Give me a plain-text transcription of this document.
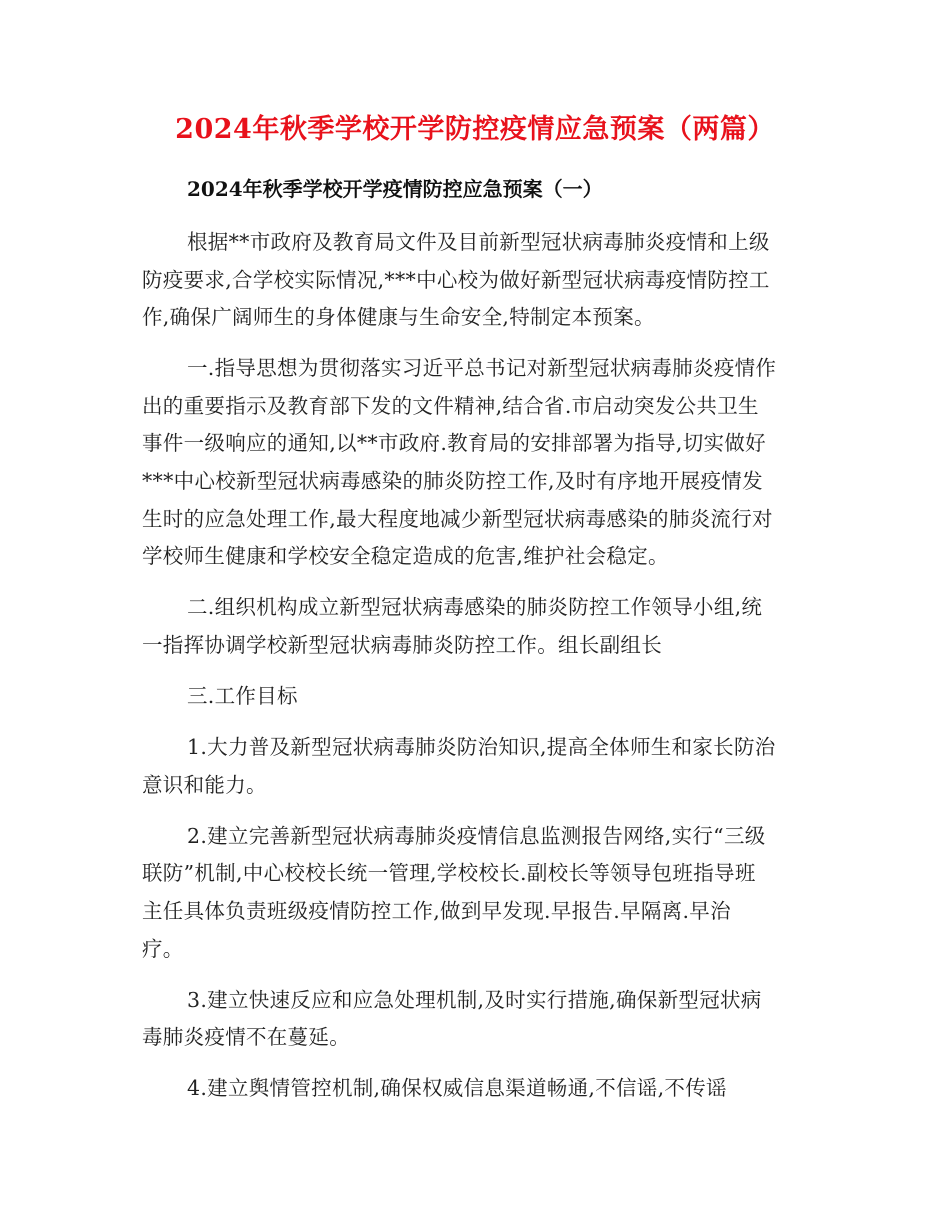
2024年秋季学校开学防控疫情应急预案（两篇）
2024年秋季学校开学疫情防控应急预案（一）
根据**市政府及教育局文件及目前新型冠状病毒肺炎疫情和上级
防疫要求,合学校实际情况,***中心校为做好新型冠状病毒疫情防控工
作,确保广阔师生的身体健康与生命安全,特制定本预案。
一.指导思想为贯彻落实习近平总书记对新型冠状病毒肺炎疫情作
出的重要指示及教育部下发的文件精神,结合省.市启动突发公共卫生
事件一级响应的通知,以**市政府.教育局的安排部署为指导,切实做好
***中心校新型冠状病毒感染的肺炎防控工作,及时有序地开展疫情发
生时的应急处理工作,最大程度地减少新型冠状病毒感染的肺炎流行对
学校师生健康和学校安全稳定造成的危害,维护社会稳定。
二.组织机构成立新型冠状病毒感染的肺炎防控工作领导小组,统
一指挥协调学校新型冠状病毒肺炎防控工作。组长副组长
三.工作目标
1.大力普及新型冠状病毒肺炎防治知识,提高全体师生和家长防治
意识和能力。
2.建立完善新型冠状病毒肺炎疫情信息监测报告网络,实行“三级
联防”机制,中心校校长统一管理,学校校长.副校长等领导包班指导班
主任具体负责班级疫情防控工作,做到早发现.早报告.早隔离.早治
疗。
3.建立快速反应和应急处理机制,及时实行措施,确保新型冠状病
毒肺炎疫情不在蔓延。
4.建立舆情管控机制,确保权威信息渠道畅通,不信谣,不传谣
